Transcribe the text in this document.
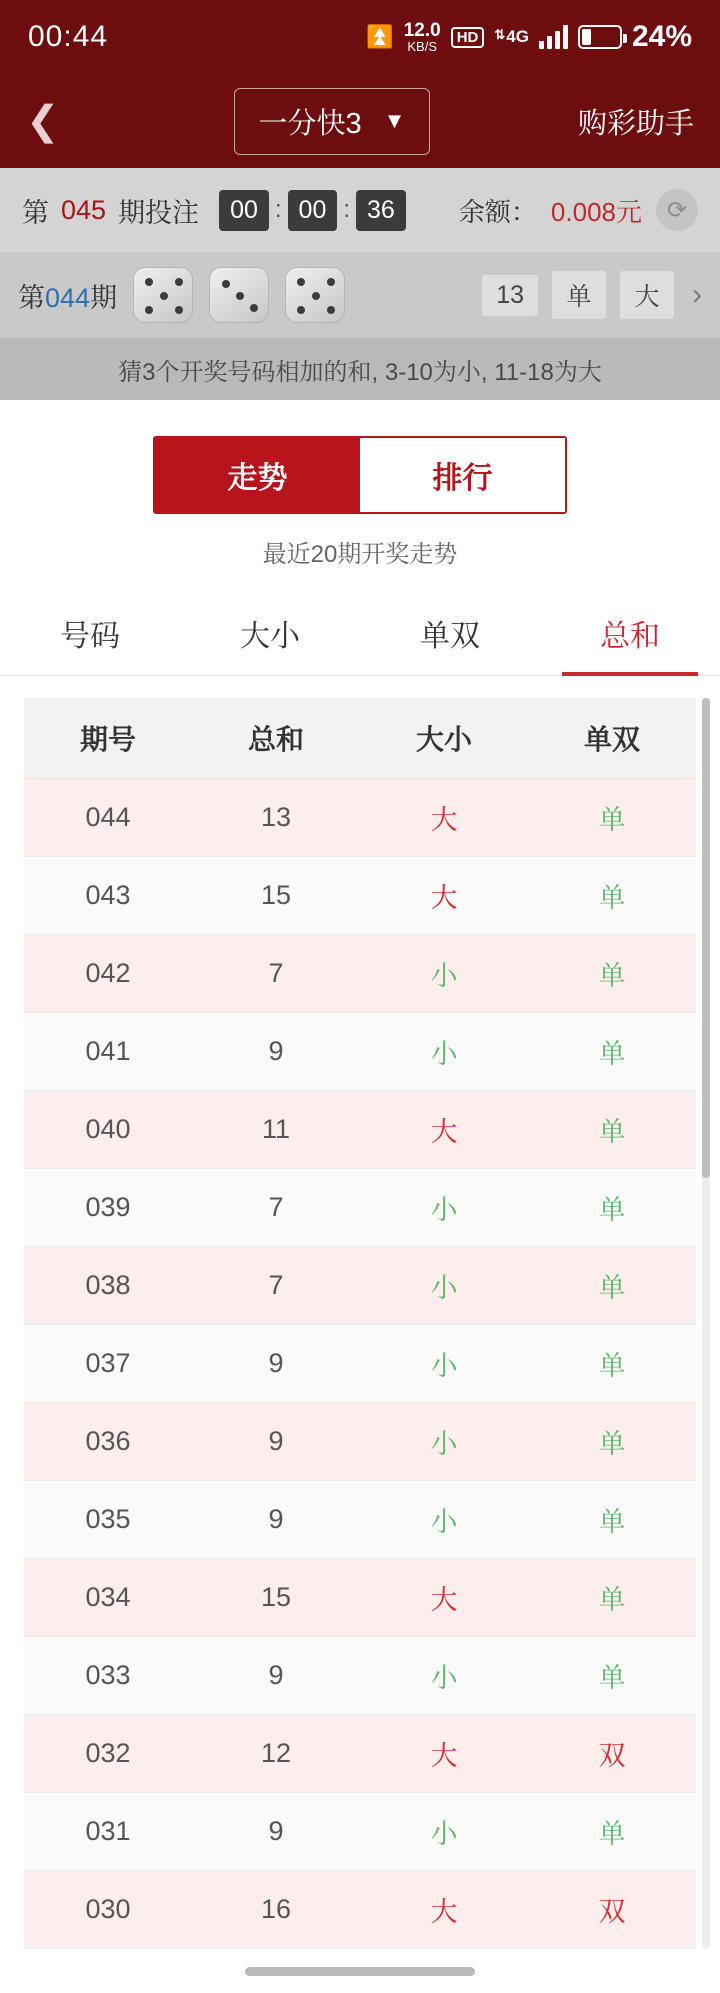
00:44	⏫ 12.0
KB/S
HD	⇅ 4G	24%
❮	一分快3 ▼	购彩助手
第 045 期投注	00 : 00 : 36	余额： 0.008元	⟳
第044期	13	单	大	›
猜3个开奖号码相加的和, 3-10为小, 11-18为大
走势	排行
最近20期开奖走势
号码	大小	单双	总和
期号	总和	大小	单双
044	13	大	单
043	15	大	单
042	7	小	单
041	9	小	单
040	11	大	单
039	7	小	单
038	7	小	单
037	9	小	单
036	9	小	单
035	9	小	单
034	15	大	单
033	9	小	单
032	12	大	双
031	9	小	单
030	16	大	双
